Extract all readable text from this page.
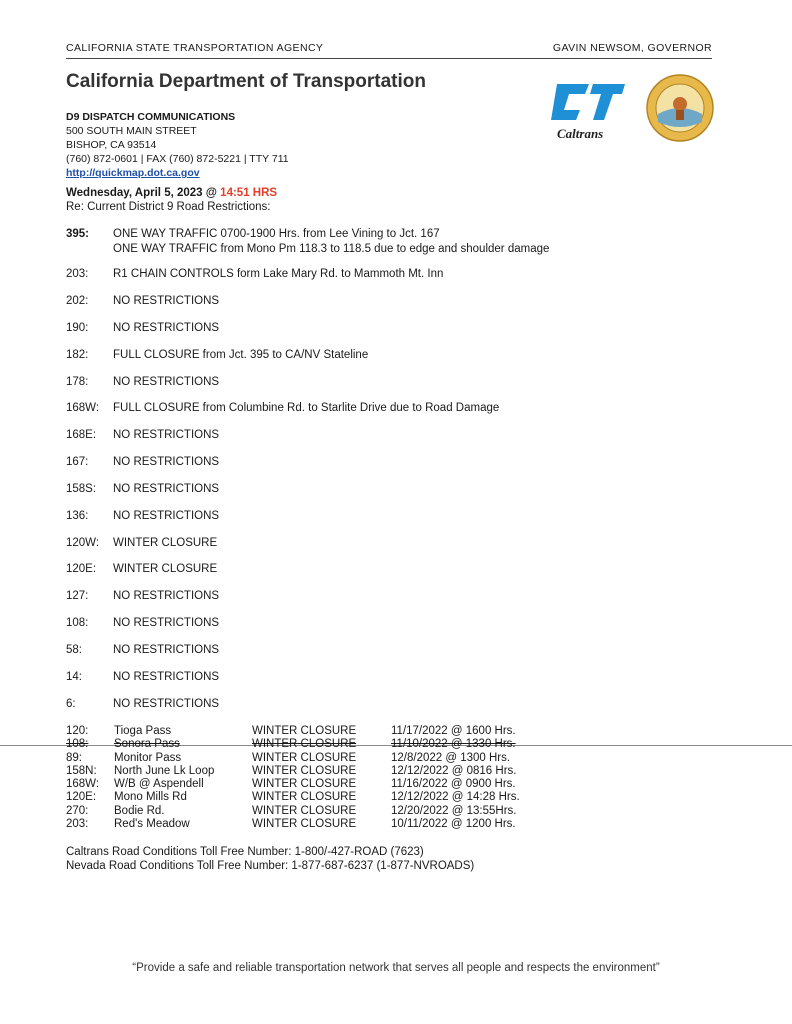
CALIFORNIA STATE TRANSPORTATION AGENCY	GAVIN NEWSOM, GOVERNOR
California Department of Transportation
D9 DISPATCH COMMUNICATIONS
500 SOUTH MAIN STREET
BISHOP, CA 93514
(760) 872-0601 | FAX (760) 872-5221 | TTY 711
http://quickmap.dot.ca.gov
Caltrans
Wednesday, April 5, 2023 @ 14:51 HRS
Re: Current District 9 Road Restrictions:
395: ONE WAY TRAFFIC 0700-1900 Hrs. from Lee Vining to Jct. 167
ONE WAY TRAFFIC from Mono Pm 118.3 to 118.5 due to edge and shoulder damage
203:R1 CHAIN CONTROLS form Lake Mary Rd. to Mammoth Mt. Inn
202: NO RESTRICTIONS
190: NO RESTRICTIONS
182: FULL CLOSURE from Jct. 395 to CA/NV Stateline
178: NO RESTRICTIONS
168W: FULL CLOSURE from Columbine Rd. to Starlite Drive due to Road Damage
168E: NO RESTRICTIONS
167: NO RESTRICTIONS
158S: NO RESTRICTIONS
136: NO RESTRICTIONS
120W: WINTER CLOSURE
120E: WINTER CLOSURE
127: NO RESTRICTIONS
108: NO RESTRICTIONS
58:	NO RESTRICTIONS
14:	NO RESTRICTIONS
6:	NO RESTRICTIONS
120:	Tioga Pass	WINTER CLOSURE	11/17/2022 @ 1600 Hrs.
108:	Sonora Pass	WINTER CLOSURE	11/10/2022 @ 1330 Hrs.
89:	Monitor Pass	WINTER CLOSURE	12/8/2022 @ 1300 Hrs.
158N:	North June Lk Loop	WINTER CLOSURE	12/12/2022 @ 0816 Hrs.
168W:	W/B @ Aspendell	WINTER CLOSURE	11/16/2022 @ 0900 Hrs.
120E:	Mono Mills Rd	WINTER CLOSURE	12/12/2022 @ 14:28 Hrs.
270:	Bodie Rd.	WINTER CLOSURE	12/20/2022 @ 13:55Hrs.
203:	Red's Meadow	WINTER CLOSURE	10/11/2022 @ 1200 Hrs.
Caltrans Road Conditions Toll Free Number: 1-800/-427-ROAD (7623)
Nevada Road Conditions Toll Free Number: 1-877-687-6237 (1-877-NVROADS)
“Provide a safe and reliable transportation network that serves all people and respects the environment”
